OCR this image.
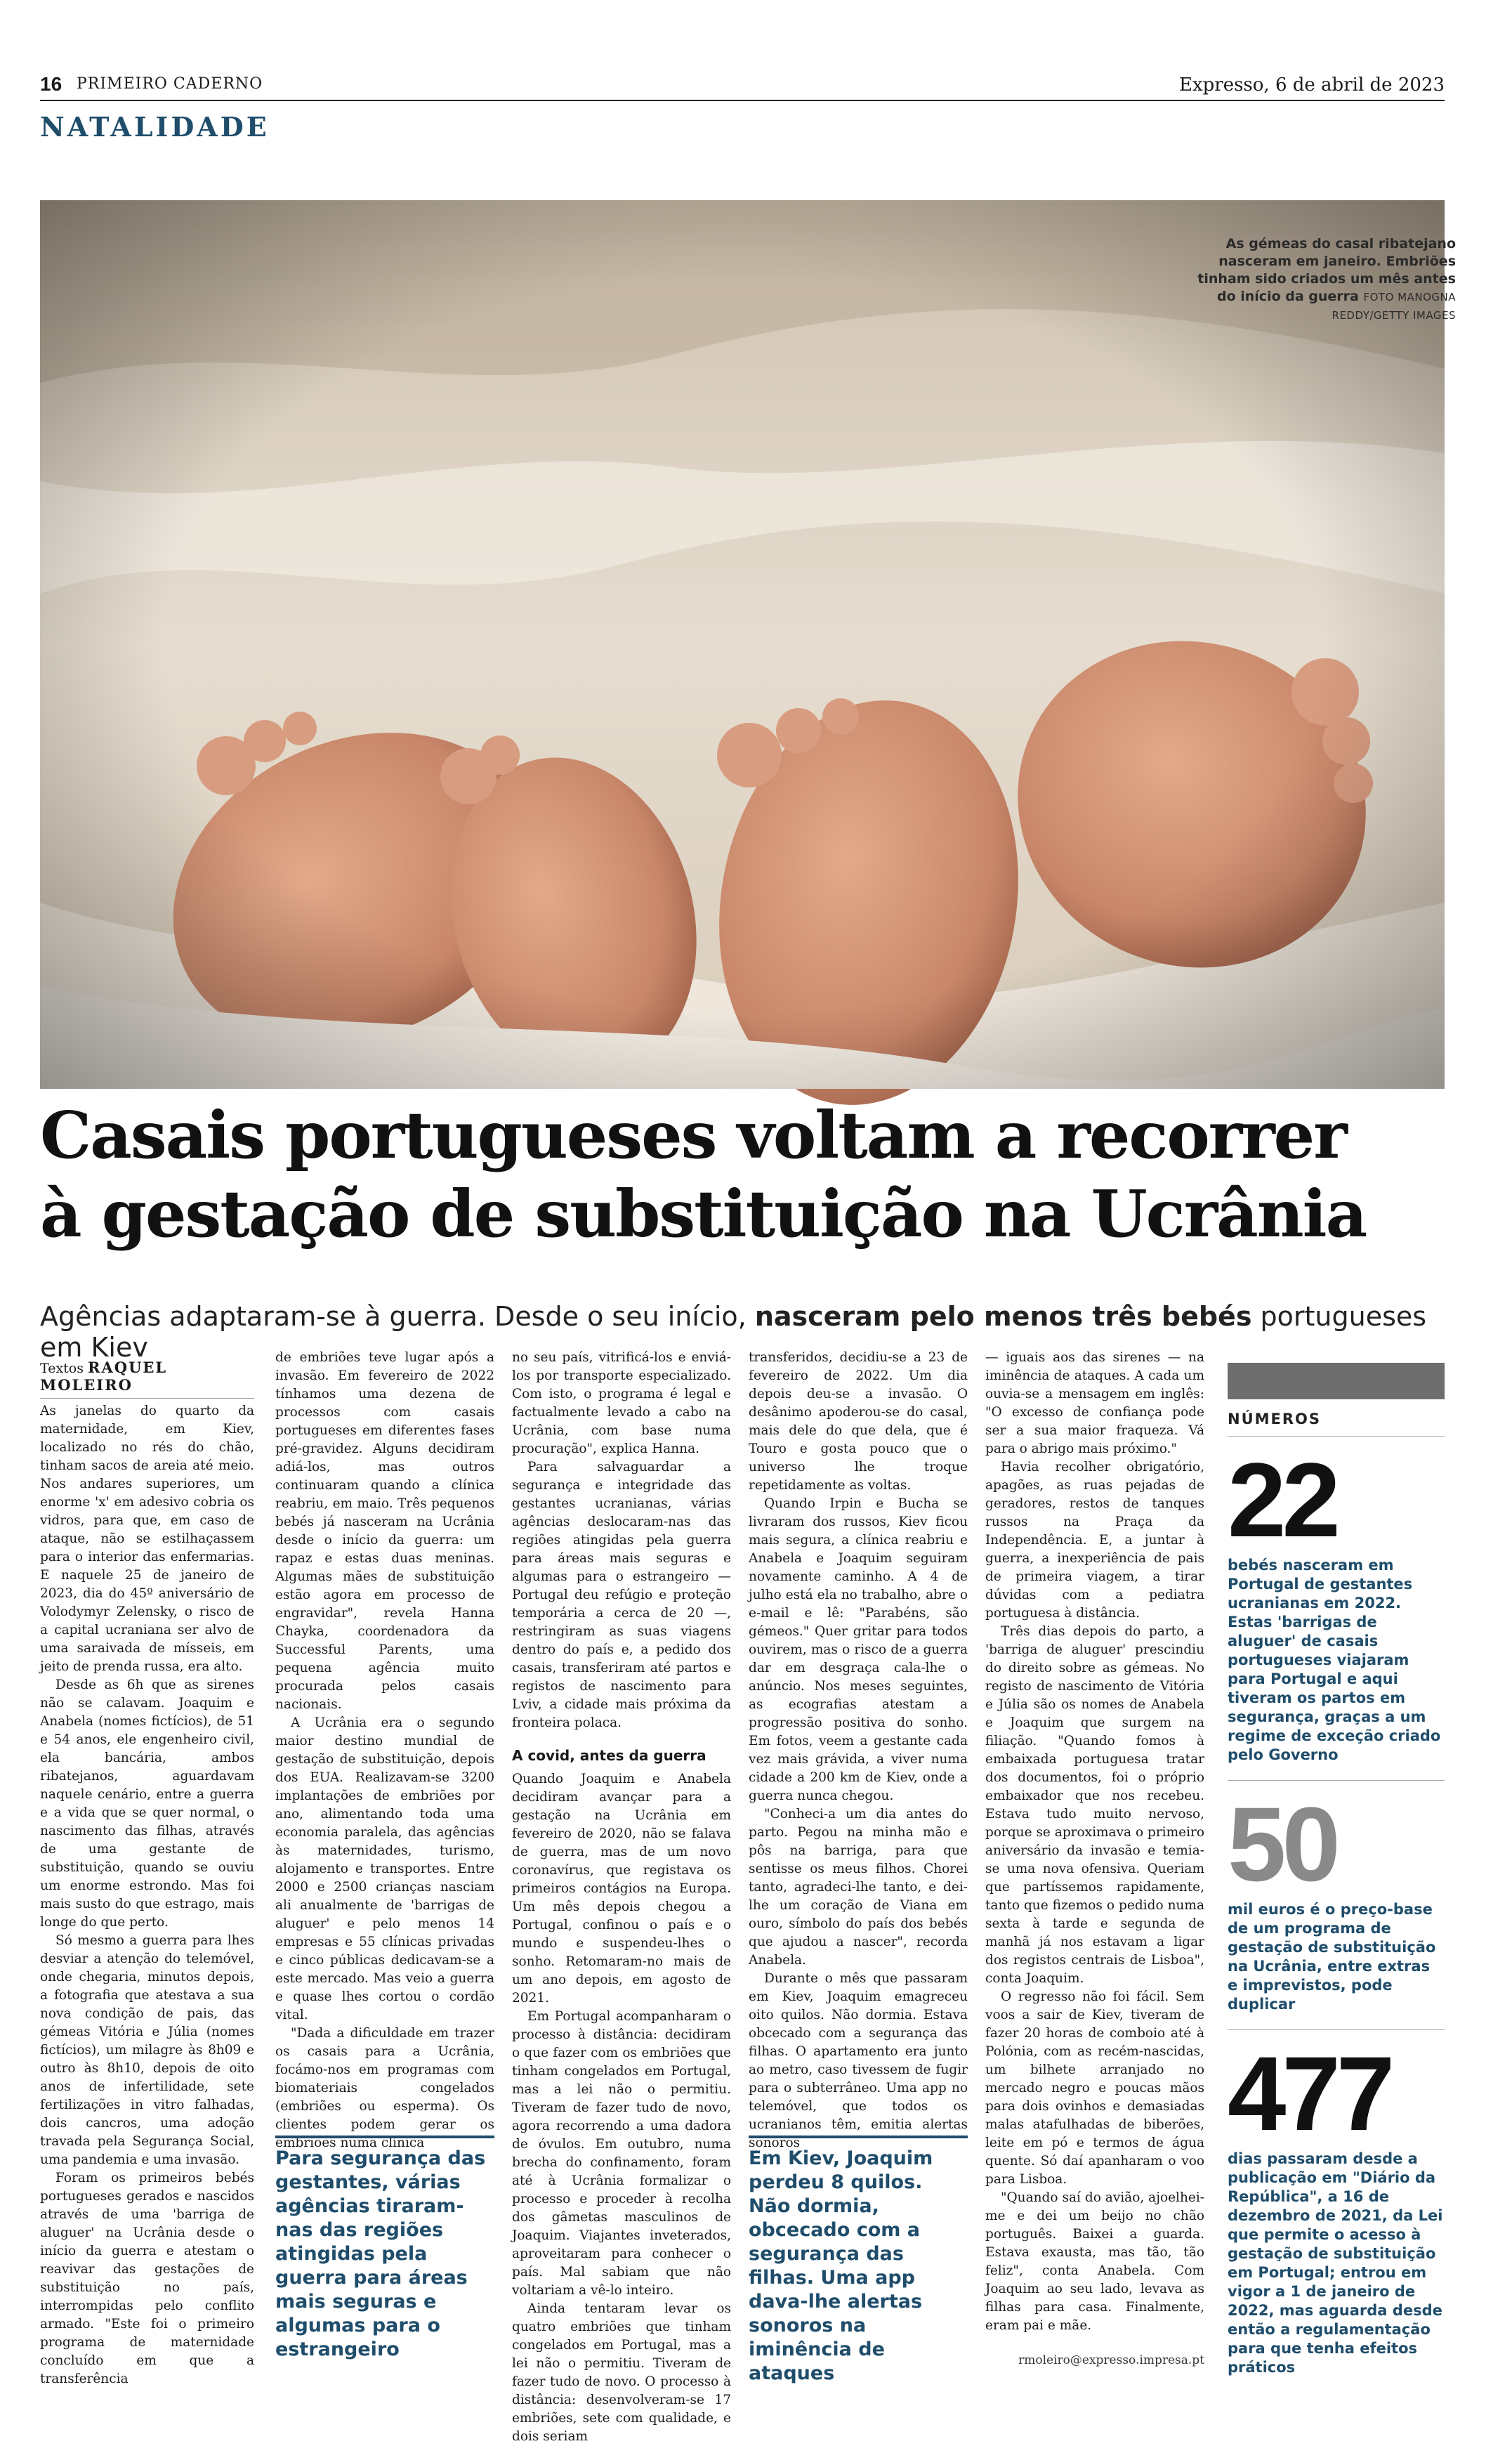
16 PRIMEIRO CADERNO	Expresso, 6 de abril de 2023
NATALIDADE
As gémeas do casal ribatejano nasceram em janeiro. Embriões tinham sido criados um mês antes do início da guerra FOTO MANOGNA REDDY/GETTY IMAGES
Casais portugueses voltam a recorrer
à gestação de substituição na Ucrânia
Agências adaptaram-se à guerra. Desde o seu início, nasceram pelo menos três bebés portugueses em Kiev
Textos RAQUEL MOLEIRO

As janelas do quarto da maternidade, em Kiev, localizado no rés do chão, tinham sacos de areia até meio. Nos andares superiores, um enorme 'x' em adesivo cobria os vidros, para que, em caso de ataque, não se estilhaçassem para o interior das enfermarias. E naquele 25 de janeiro de 2023, dia do 45º aniversário de Volodymyr Zelensky, o risco de a capital ucraniana ser alvo de uma saraivada de mísseis, em jeito de prenda russa, era alto.

Desde as 6h que as sirenes não se calavam. Joaquim e Anabela (nomes fictícios), de 51 e 54 anos, ele engenheiro civil, ela bancária, ambos ribatejanos, aguardavam naquele cenário, entre a guerra e a vida que se quer normal, o nascimento das filhas, através de uma gestante de substituição, quando se ouviu um enorme estrondo. Mas foi mais susto do que estrago, mais longe do que perto.

Só mesmo a guerra para lhes desviar a atenção do telemóvel, onde chegaria, minutos depois, a fotografia que atestava a sua nova condição de pais, das gémeas Vitória e Júlia (nomes fictícios), um milagre às 8h09 e outro às 8h10, depois de oito anos de infertilidade, sete fertilizações in vitro falhadas, dois cancros, uma adoção travada pela Segurança Social, uma pandemia e uma invasão.

Foram os primeiros bebés portugueses gerados e nascidos através de uma 'barriga de aluguer' na Ucrânia desde o início da guerra e atestam o reavivar das gestações de substituição no país, interrompidas pelo conflito armado. "Este foi o primeiro programa de maternidade concluído em que a transferência

de embriões teve lugar após a invasão. Em fevereiro de 2022 tínhamos uma dezena de processos com casais portugueses em diferentes fases pré-gravidez. Alguns decidiram adiá-los, mas outros continuaram quando a clínica reabriu, em maio. Três pequenos bebés já nasceram na Ucrânia desde o início da guerra: um rapaz e estas duas meninas. Algumas mães de substituição estão agora em processo de engravidar", revela Hanna Chayka, coordenadora da Successful Parents, uma pequena agência muito procurada pelos casais nacionais.

A Ucrânia era o segundo maior destino mundial de gestação de substituição, depois dos EUA. Realizavam-se 3200 implantações de embriões por ano, alimentando toda uma economia paralela, das agências às maternidades, turismo, alojamento e transportes. Entre 2000 e 2500 crianças nasciam ali anualmente de 'barrigas de aluguer' e pelo menos 14 empresas e 55 clínicas privadas e cinco públicas dedicavam-se a este mercado. Mas veio a guerra e quase lhes cortou o cordão vital.

"Dada a dificuldade em trazer os casais para a Ucrânia, focámo-nos em programas com biomateriais congelados (embriões ou esperma). Os clientes podem gerar os embriões numa clínica

Para segurança das gestantes, várias agências tiraram-nas das regiões atingidas pela guerra para áreas mais seguras e algumas para o estrangeiro

no seu país, vitrificá-los e enviá-los por transporte especializado. Com isto, o programa é legal e factualmente levado a cabo na Ucrânia, com base numa procuração", explica Hanna.

Para salvaguardar a segurança e integridade das gestantes ucranianas, várias agências deslocaram-nas das regiões atingidas pela guerra para áreas mais seguras e algumas para o estrangeiro — Portugal deu refúgio e proteção temporária a cerca de 20 —, restringiram as suas viagens dentro do país e, a pedido dos casais, transferiram até partos e registos de nascimento para Lviv, a cidade mais próxima da fronteira polaca.

A covid, antes da guerra

Quando Joaquim e Anabela decidiram avançar para a gestação na Ucrânia em fevereiro de 2020, não se falava de guerra, mas de um novo coronavírus, que registava os primeiros contágios na Europa. Um mês depois chegou a Portugal, confinou o país e o mundo e suspendeu-lhes o sonho. Retomaram-no mais de um ano depois, em agosto de 2021.

Em Portugal acompanharam o processo à distância: decidiram o que fazer com os embriões que tinham congelados em Portugal, mas a lei não o permitiu. Tiveram de fazer tudo de novo, agora recorrendo a uma dadora de óvulos. Em outubro, numa brecha do confinamento, foram até à Ucrânia formalizar o processo e proceder à recolha dos gâmetas masculinos de Joaquim. Viajantes inveterados, aproveitaram para conhecer o país. Mal sabiam que não voltariam a vê-lo inteiro.

Ainda tentaram levar os quatro embriões que tinham congelados em Portugal, mas a lei não o permitiu. Tiveram de fazer tudo de novo. O processo à distância: desenvolveram-se 17 embriões, sete com qualidade, e dois seriam

transferidos, decidiu-se a 23 de fevereiro de 2022. Um dia depois deu-se a invasão. O desânimo apoderou-se do casal, mais dele do que dela, que é Touro e gosta pouco que o universo lhe troque repetidamente as voltas.

Quando Irpin e Bucha se livraram dos russos, Kiev ficou mais segura, a clínica reabriu e Anabela e Joaquim seguiram novamente caminho. A 4 de julho está ela no trabalho, abre o e-mail e lê: "Parabéns, são gémeos." Quer gritar para todos ouvirem, mas o risco de a guerra dar em desgraça cala-lhe o anúncio. Nos meses seguintes, as ecografias atestam a progressão positiva do sonho. Em fotos, veem a gestante cada vez mais grávida, a viver numa cidade a 200 km de Kiev, onde a guerra nunca chegou.

"Conheci-a um dia antes do parto. Pegou na minha mão e pôs na barriga, para que sentisse os meus filhos. Chorei tanto, agradeci-lhe tanto, e dei-lhe um coração de Viana em ouro, símbolo do país dos bebés que ajudou a nascer", recorda Anabela.

Durante o mês que passaram em Kiev, Joaquim emagreceu oito quilos. Não dormia. Estava obcecado com a segurança das filhas. O apartamento era junto ao metro, caso tivessem de fugir para o subterrâneo. Uma app no telemóvel, que todos os ucranianos têm, emitia alertas sonoros

Em Kiev, Joaquim perdeu 8 quilos. Não dormia, obcecado com a segurança das filhas. Uma app dava-lhe alertas sonoros na iminência de ataques

— iguais aos das sirenes — na iminência de ataques. A cada um ouvia-se a mensagem em inglês: "O excesso de confiança pode ser a sua maior fraqueza. Vá para o abrigo mais próximo."

Havia recolher obrigatório, apagões, as ruas pejadas de geradores, restos de tanques russos na Praça da Independência. E, a juntar à guerra, a inexperiência de pais de primeira viagem, a tirar dúvidas com a pediatra portuguesa à distância.

Três dias depois do parto, a 'barriga de aluguer' prescindiu do direito sobre as gémeas. No registo de nascimento de Vitória e Júlia são os nomes de Anabela e Joaquim que surgem na filiação. "Quando fomos à embaixada portuguesa tratar dos documentos, foi o próprio embaixador que nos recebeu. Estava tudo muito nervoso, porque se aproximava o primeiro aniversário da invasão e temia-se uma nova ofensiva. Queriam que partíssemos rapidamente, tanto que fizemos o pedido numa sexta à tarde e segunda de manhã já nos estavam a ligar dos registos centrais de Lisboa", conta Joaquim.

O regresso não foi fácil. Sem voos a sair de Kiev, tiveram de fazer 20 horas de comboio até à Polónia, com as recém-nascidas, um bilhete arranjado no mercado negro e poucas mãos para dois ovinhos e demasiadas malas atafulhadas de biberões, leite em pó e termos de água quente. Só daí apanharam o voo para Lisboa.

"Quando saí do avião, ajoelhei-me e dei um beijo no chão português. Baixei a guarda. Estava exausta, mas tão, tão feliz", conta Anabela. Com Joaquim ao seu lado, levava as filhas para casa. Finalmente, eram pai e mãe.

rmoleiro@expresso.impresa.pt
NÚMEROS
22
bebés nasceram em Portugal de gestantes ucranianas em 2022. Estas 'barrigas de aluguer' de casais portugueses viajaram para Portugal e aqui tiveram os partos em segurança, graças a um regime de exceção criado pelo Governo
50
mil euros é o preço-base de um programa de gestação de substituição na Ucrânia, entre extras e imprevistos, pode duplicar
477
dias passaram desde a publicação em "Diário da República", a 16 de dezembro de 2021, da Lei que permite o acesso à gestação de substituição em Portugal; entrou em vigor a 1 de janeiro de 2022, mas aguarda desde então a regulamentação para que tenha efeitos práticos
